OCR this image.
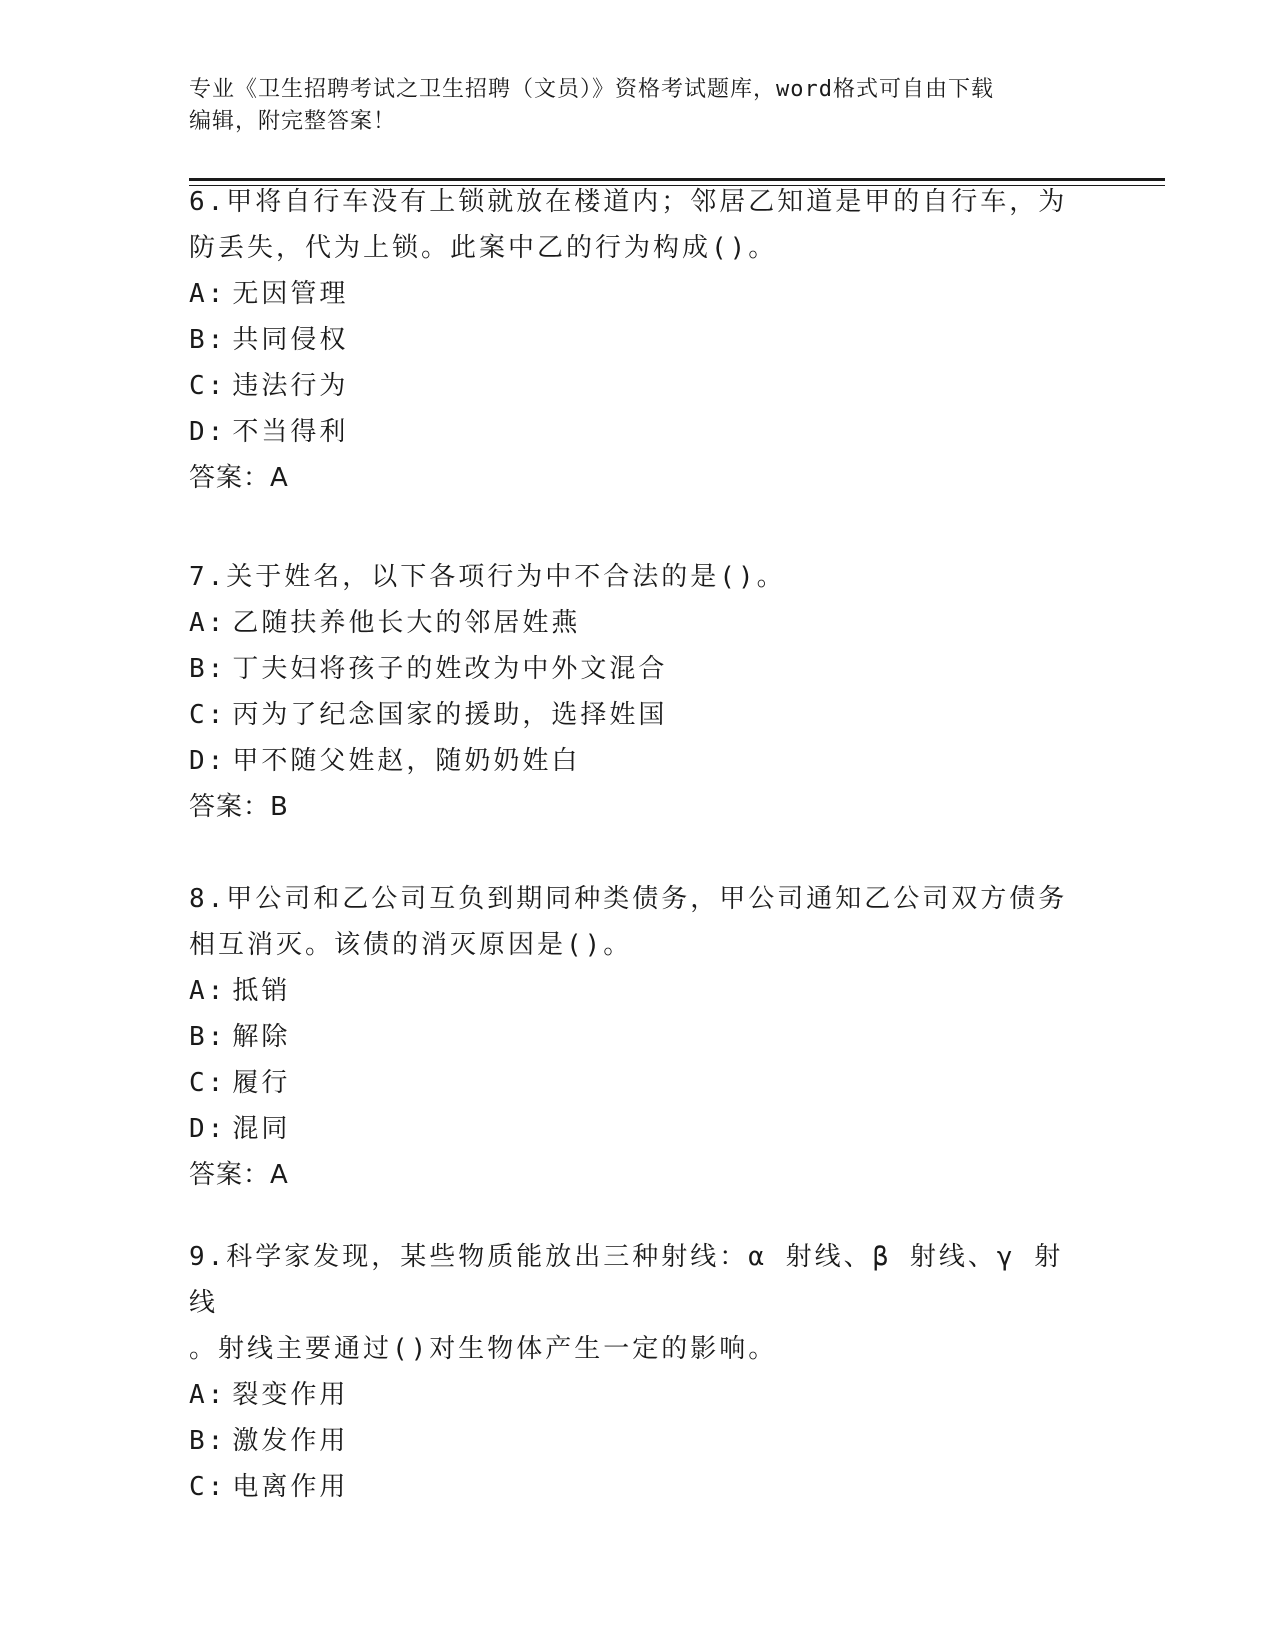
专业《卫生招聘考试之卫生招聘（文员）》资格考试题库，word格式可自由下载
编辑，附完整答案！
6.甲将自行车没有上锁就放在楼道内；邻居乙知道是甲的自行车，为
防丢失，代为上锁。此案中乙的行为构成()。
A: 无因管理
B: 共同侵权
C: 违法行为
D: 不当得利
答案：A
7.关于姓名，以下各项行为中不合法的是()。
A: 乙随扶养他长大的邻居姓燕
B: 丁夫妇将孩子的姓改为中外文混合
C: 丙为了纪念国家的援助，选择姓国
D: 甲不随父姓赵，随奶奶姓白
答案：B
8.甲公司和乙公司互负到期同种类债务，甲公司通知乙公司双方债务
相互消灭。该债的消灭原因是()。
A: 抵销
B: 解除
C: 履行
D: 混同
答案：A
9.科学家发现，某些物质能放出三种射线：α 射线、β 射线、γ 射线
。射线主要通过()对生物体产生一定的影响。
A: 裂变作用
B: 激发作用
C: 电离作用
